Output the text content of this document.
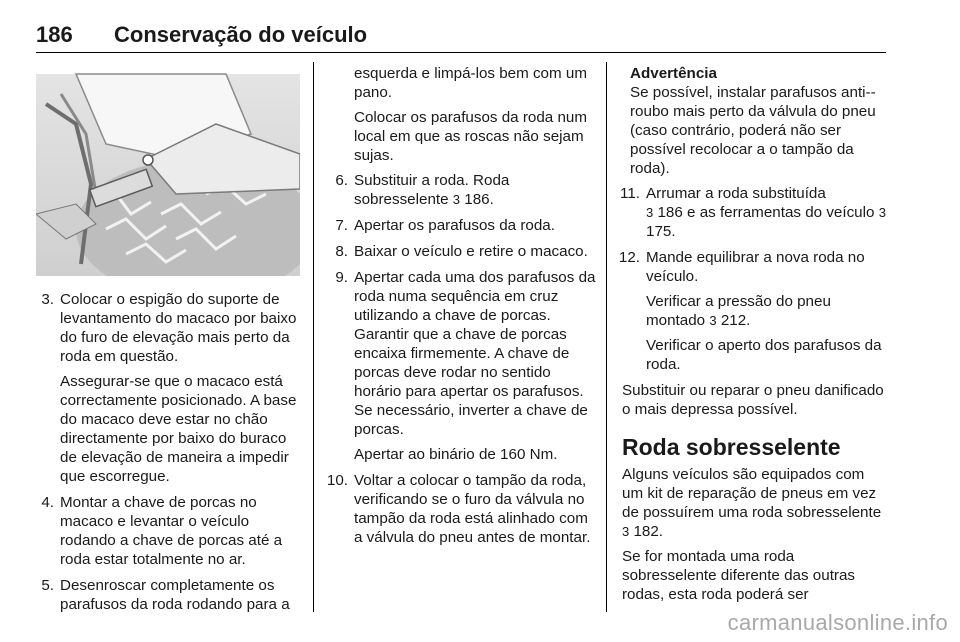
186 Conservação do veículo
3. Colocar o espigão do suporte de levantamento do macaco por baixo do furo de elevação mais perto da roda em questão.
Assegurar-se que o macaco está correctamente posicionado. A base do macaco deve estar no chão directamente por baixo do buraco de elevação de maneira a impedir que escorregue.
4. Montar a chave de porcas no macaco e levantar o veículo rodando a chave de porcas até a roda estar totalmente no ar.
5. Desenroscar completamente os parafusos da roda rodando para a

esquerda e limpá-los bem com um pano.

Colocar os parafusos da roda num local em que as roscas não sejam sujas.

6. Substituir a roda. Roda sobresselente 3 186.
7. Apertar os parafusos da roda.
8. Baixar o veículo e retire o macaco.
9. Apertar cada uma dos parafusos da roda numa sequência em cruz utilizando a chave de porcas. Garantir que a chave de porcas encaixa firmemente. A chave de porcas deve rodar no sentido horário para apertar os parafusos. Se necessário, inverter a chave de porcas.
Apertar ao binário de 160 Nm.
10. Voltar a colocar o tampão da roda, verificando se o furo da válvula no tampão da roda está alinhado com a válvula do pneu antes de montar.
Advertência

Se possível, instalar parafusos anti--roubo mais perto da válvula do pneu (caso contrário, poderá não ser possível recolocar a o tampão da roda).

11. Arrumar a roda substituída
3 186 e as ferramentas do veículo 3 175.
12. Mande equilibrar a nova roda no veículo.
Verificar a pressão do pneu montado 3 212.
Verificar o aperto dos parafusos da roda.

Substituir ou reparar o pneu danificado o mais depressa possível.

Roda sobresselente

Alguns veículos são equipados com um kit de reparação de pneus em vez de possuírem uma roda sobresselente 3 182.

Se for montada uma roda sobresselente diferente das outras rodas, esta roda poderá ser

carmanualsonline.info
